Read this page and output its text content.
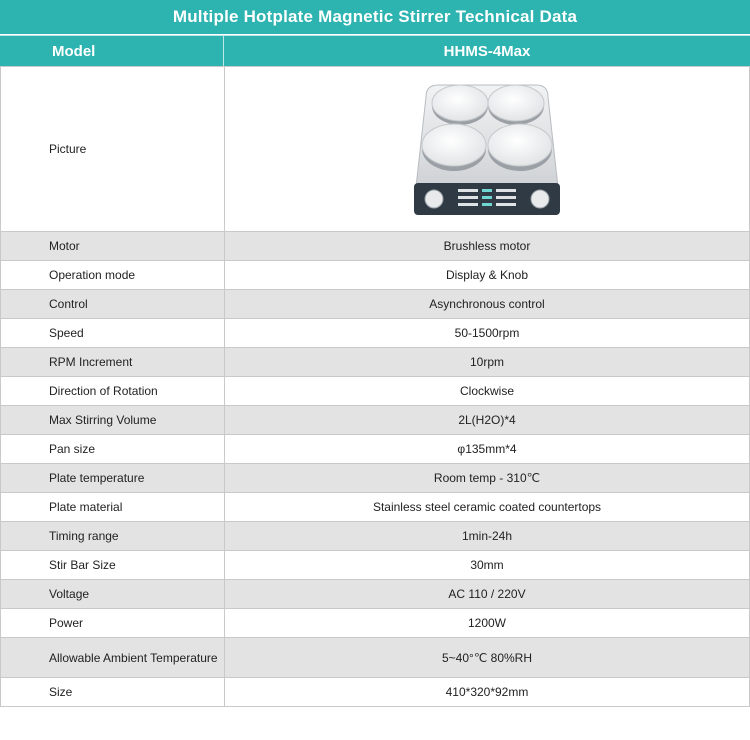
Multiple Hotplate Magnetic Stirrer Technical Data
Model	HHMS-4Max
Picture	

Motor	Brushless motor
Operation mode	Display & Knob
Control	Asynchronous control
Speed	50-1500rpm
RPM Increment	10rpm
Direction of Rotation	Clockwise
Max Stirring Volume	2L(H2O)*4
Pan size	φ135mm*4
Plate temperature	Room temp - 310℃
Plate material	Stainless steel ceramic coated countertops
Timing range	1min-24h
Stir Bar Size	30mm
Voltage	AC 110 / 220V
Power	1200W
Allowable Ambient Temperature	5~40°℃ 80%RH
Size	410*320*92mm
